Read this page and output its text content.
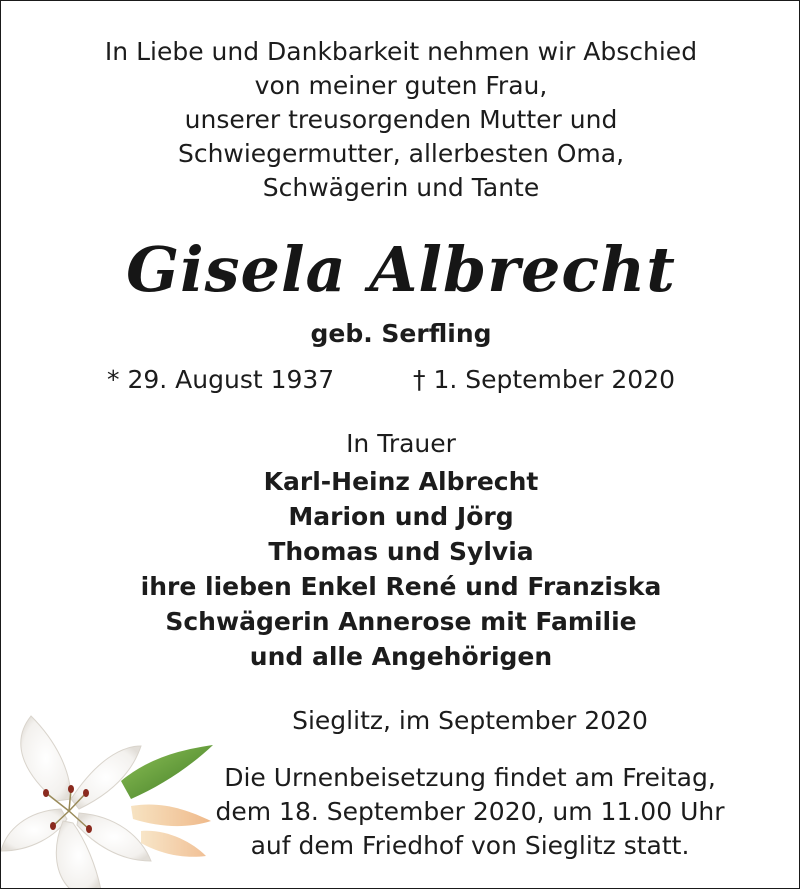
In Liebe und Dankbarkeit nehmen wir Abschied
von meiner guten Frau,
unserer treusorgenden Mutter und
Schwiegermutter, allerbesten Oma,
Schwägerin und Tante
Gisela Albrecht
geb. Serfling
* 29. August 1937	† 1. September 2020
In Trauer
Karl-Heinz Albrecht
Marion und Jörg
Thomas und Sylvia
ihre lieben Enkel René und Franziska
Schwägerin Annerose mit Familie
und alle Angehörigen
Sieglitz, im September 2020
Die Urnenbeisetzung findet am Freitag,
dem 18. September 2020, um 11.00 Uhr
auf dem Friedhof von Sieglitz statt.
